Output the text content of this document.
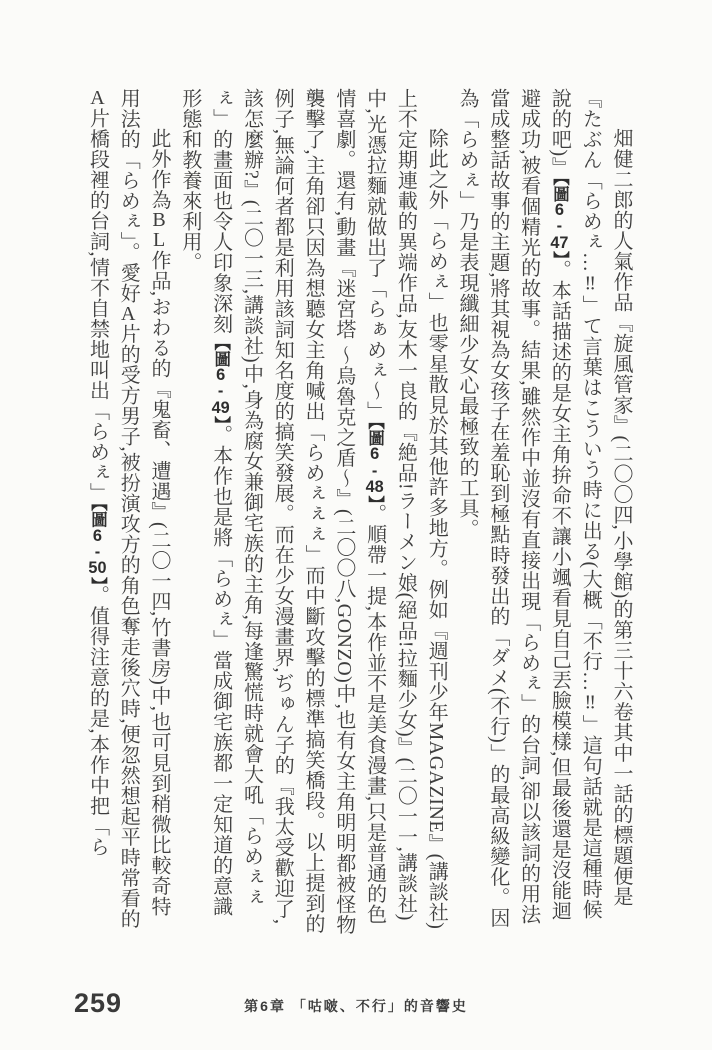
畑健二郎的人氣作品『旋風管家』(二〇〇四,小學館)的第三十六卷其中一話的標題便是『たぶん「らめぇ…‼」て言葉はこういう時に出る(大概「不行…‼」這句話就是這種時候說的吧)』【圖6-47】。本話描述的是女主角拚命不讓小颯看見自己丟臉模樣,但最後還是沒能迴避成功,被看個精光的故事。結果,雖然作中並沒有直接出現「らめぇ」的台詞,卻以該詞的用法當成整話故事的主題,將其視為女孩子在羞恥到極點時發出的「ダメ(不行)」的最高級變化。因為「らめぇ」乃是表現纖細少女心最極致的工具。

除此之外「らめぇ」也零星散見於其他許多地方。例如『週刊少年MAGAZINE』(講談社)上不定期連載的異端作品,友木一良的『絶品!ラーメン娘(絕品!拉麵少女)』(二〇一一,講談社)中,光憑拉麵就做出了「らぁめぇ〜」【圖6-48】。順帶一提,本作並不是美食漫畫,只是普通的色情喜劇。還有,動畫『迷宮塔 〜烏魯克之盾〜』(二〇〇八,GONZO)中,也有女主角明明都被怪物襲擊了,主角卻只因為想聽女主角喊出「らめぇぇぇ」而中斷攻擊的標準搞笑橋段。以上提到的例子,無論何者都是利用該詞知名度的搞笑發展。而在少女漫畫界,ぢゅん子的『我太受歡迎了,該怎麼辦?』(二〇一三,講談社)中,身為腐女兼御宅族的主角,每逢驚慌時就會大吼「らめぇぇぇ」的畫面也令人印象深刻【圖6-49】。本作也是將「らめぇ」當成御宅族都一定知道的意識形態和教養來利用。

此外作為BL作品,おわる的『鬼畜、遭遇』(二〇一四,竹書房)中,也可見到稍微比較奇特用法的「らめぇ」。愛好A片的受方男子,被扮演攻方的角色奪走後穴時,便忽然想起平時常看的A片橋段裡的台詞,情不自禁地叫出「らめぇ」【圖6-50】。值得注意的是,本作中把「ら

259	第6章 「咕啵、不行」的音響史
